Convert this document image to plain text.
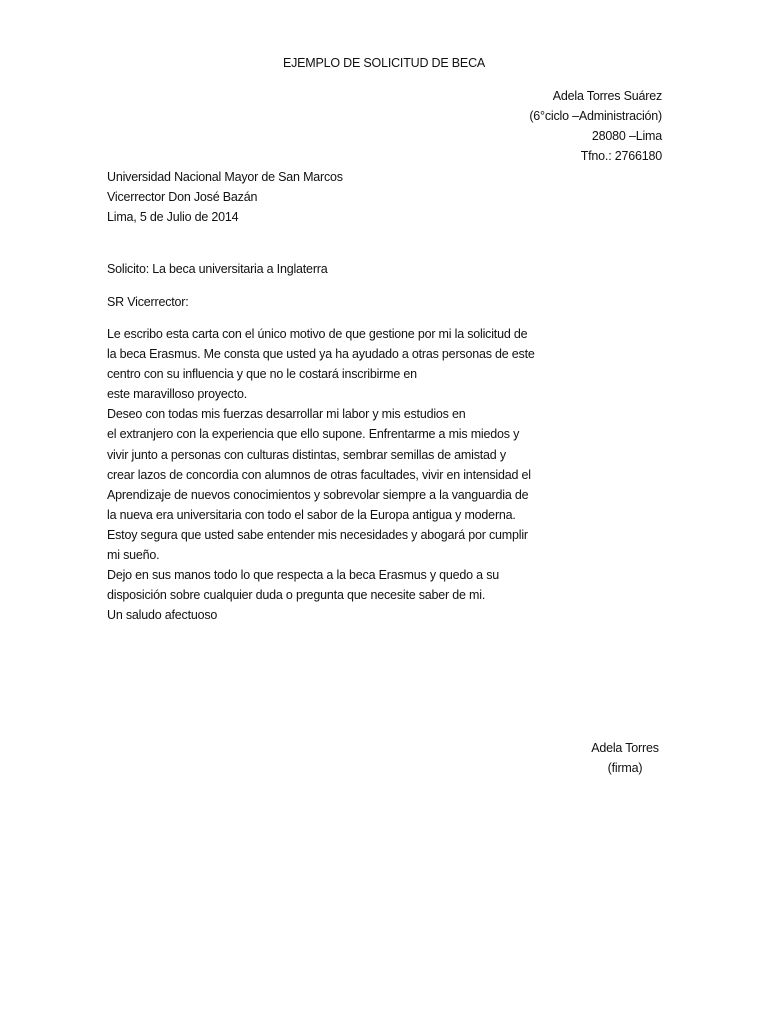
EJEMPLO DE SOLICITUD DE BECA
Adela Torres Suárez
(6°ciclo –Administración)
28080 –Lima
Tfno.: 2766180
Universidad Nacional Mayor de San Marcos
Vicerrector Don José Bazán
Lima, 5 de Julio de 2014
Solicito: La beca universitaria a Inglaterra
SR Vicerrector:
Le escribo esta carta con el único motivo de que gestione por mi la solicitud de
la beca Erasmus. Me consta que usted ya ha ayudado a otras personas de este
centro con su influencia y que no le costará inscribirme en
este maravilloso proyecto.
Deseo con todas mis fuerzas desarrollar mi labor y mis estudios en
el extranjero con la experiencia que ello supone. Enfrentarme a mis miedos y
vivir junto a personas con culturas distintas, sembrar semillas de amistad y
crear lazos de concordia con alumnos de otras facultades, vivir en intensidad el
Aprendizaje de nuevos conocimientos y sobrevolar siempre a la vanguardia de
la nueva era universitaria con todo el sabor de la Europa antigua y moderna.
Estoy segura que usted sabe entender mis necesidades y abogará por cumplir
mi sueño.
Dejo en sus manos todo lo que respecta a la beca Erasmus y quedo a su
disposición sobre cualquier duda o pregunta que necesite saber de mi.
Un saludo afectuoso
Adela Torres
(firma)
